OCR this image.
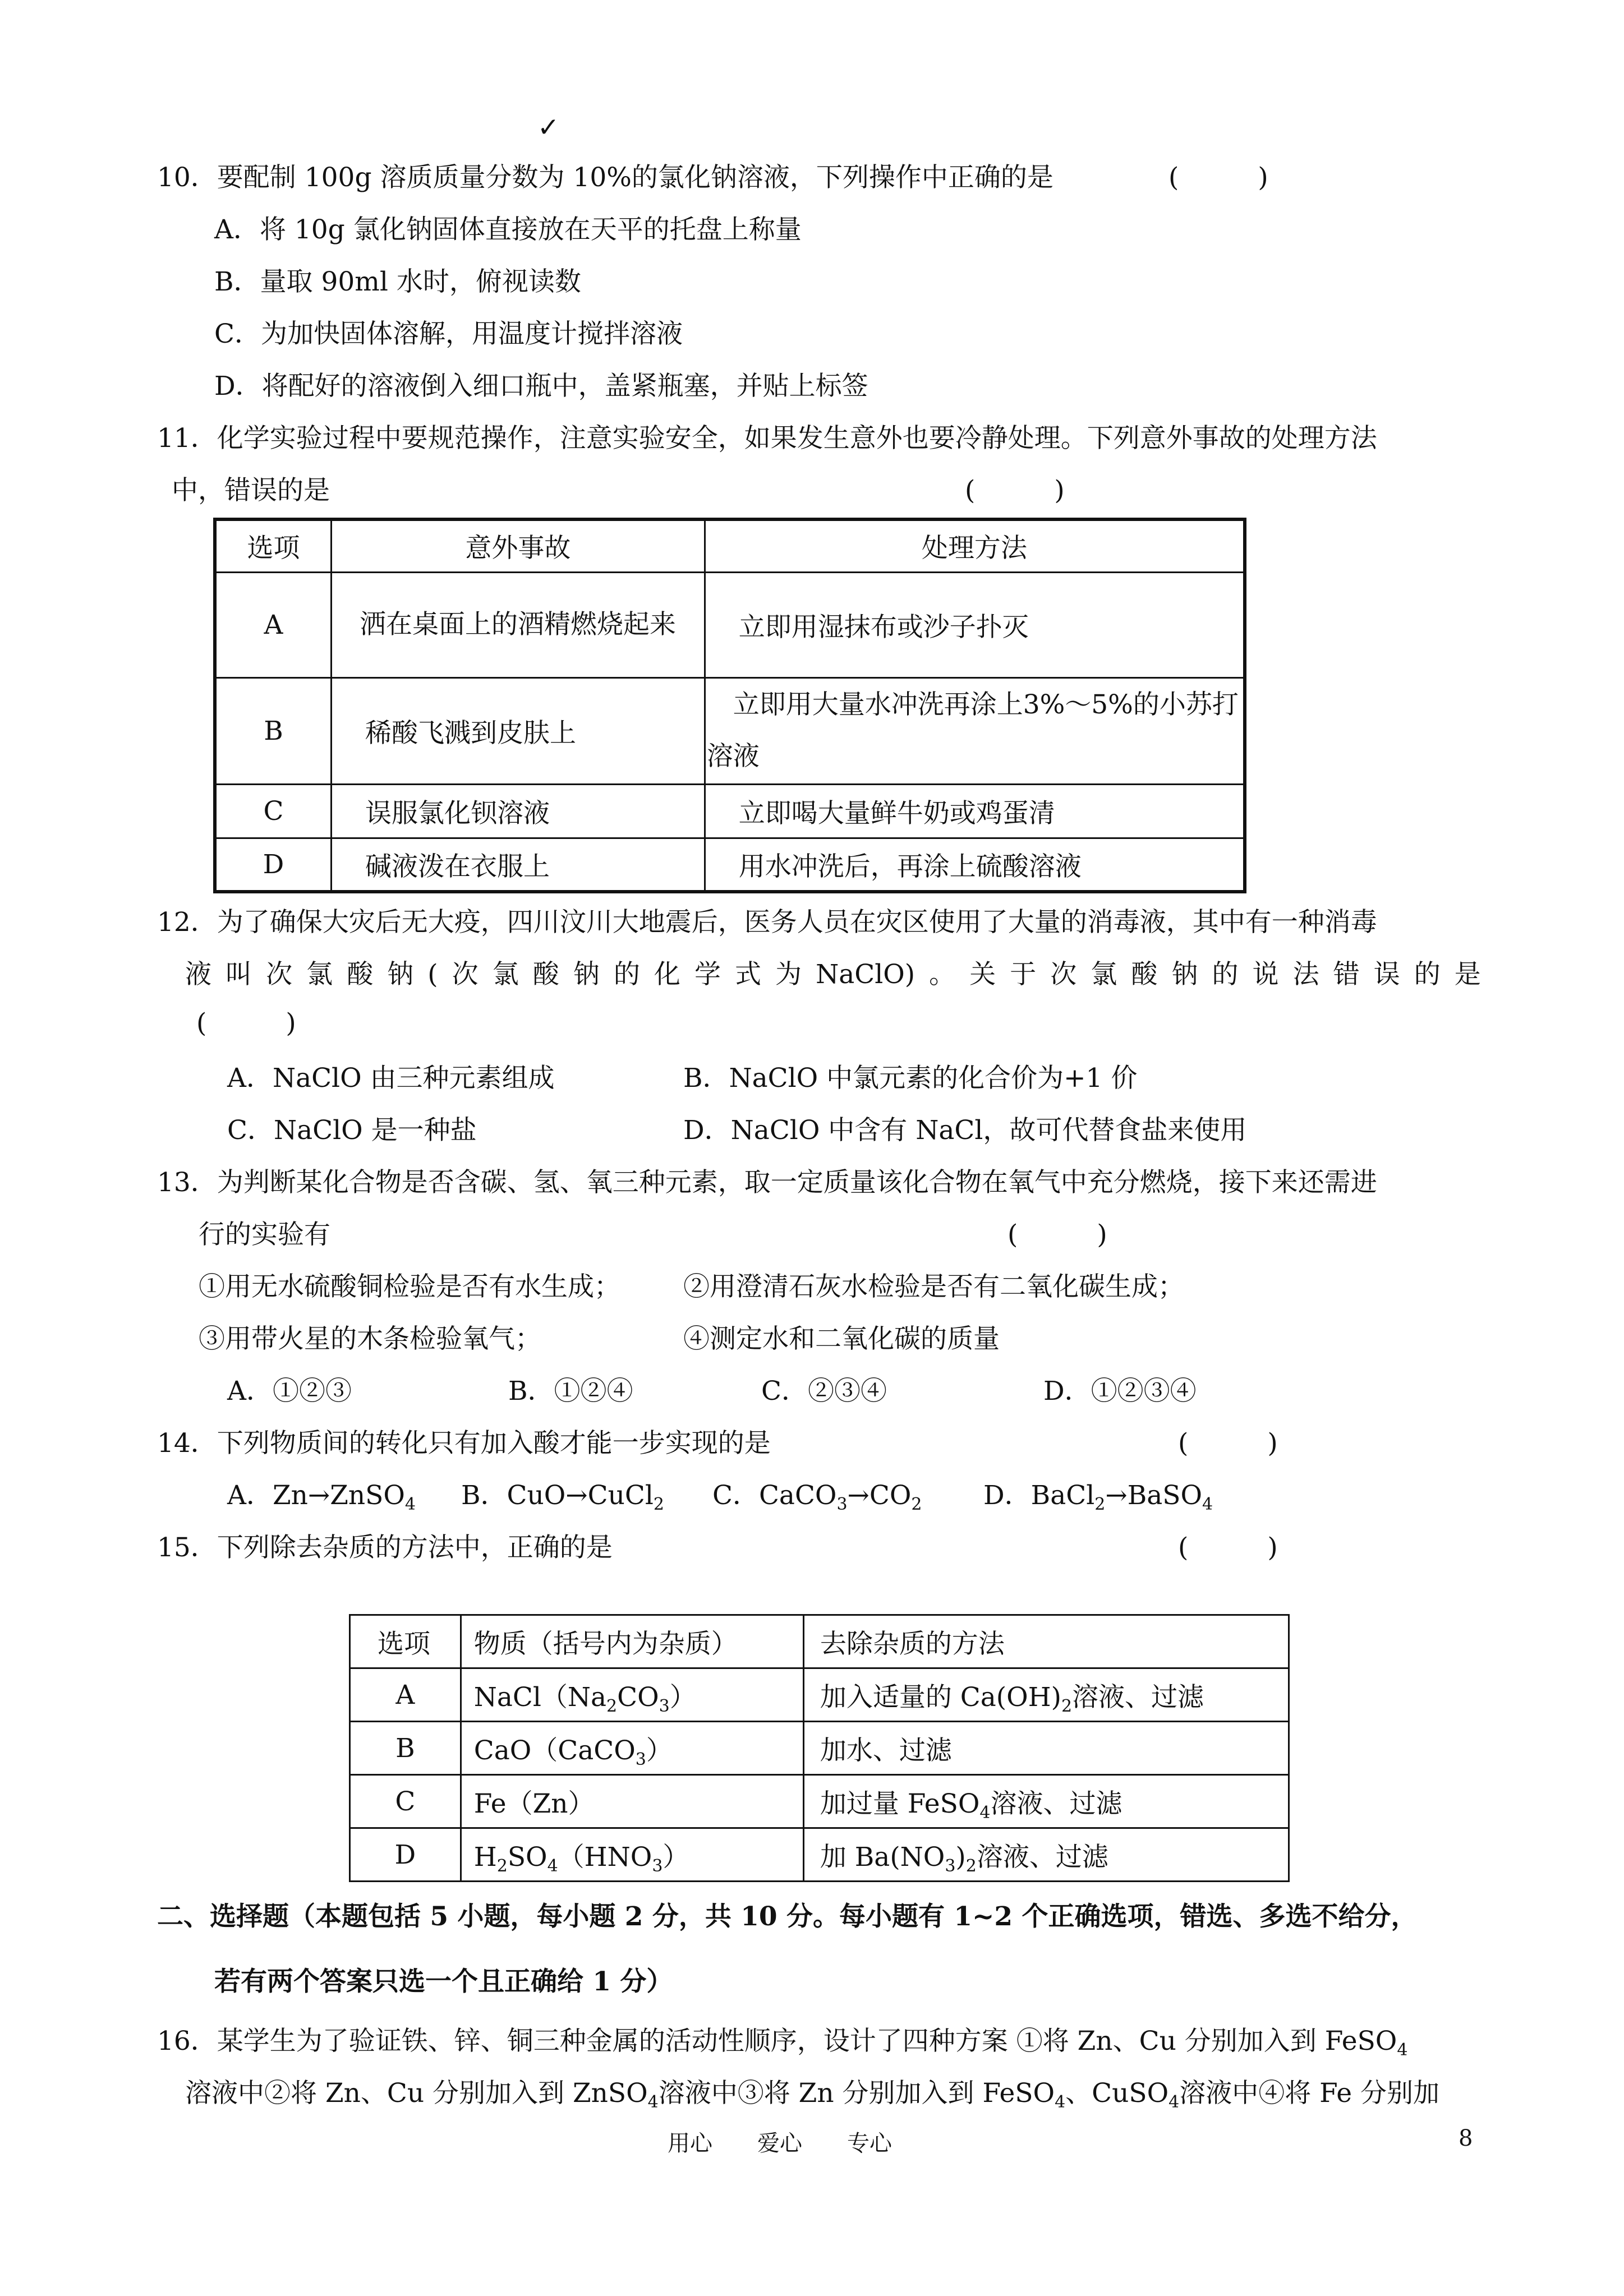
✓
10．要配制 100g 溶质质量分数为 10%的氯化钠溶液，下列操作中正确的是	(　　　)
A．将 10g 氯化钠固体直接放在天平的托盘上称量
B．量取 90ml 水时，俯视读数
C．为加快固体溶解，用温度计搅拌溶液
D．将配好的溶液倒入细口瓶中，盖紧瓶塞，并贴上标签
11．化学实验过程中要规范操作，注意实验安全，如果发生意外也要冷静处理。下列意外事故的处理方法
中，错误的是	(　　　)
选项	意外事故	处理方法
A	　洒在桌面上的酒精燃烧起来	　立即用湿抹布或沙子扑灭
B	　稀酸飞溅到皮肤上	　立即用大量水冲洗再涂上3%～5%的小苏打溶液
C	　误服氯化钡溶液	　立即喝大量鲜牛奶或鸡蛋清
D	　碱液泼在衣服上	　用水冲洗后，再涂上硫酸溶液
12．为了确保大灾后无大疫，四川汶川大地震后，医务人员在灾区使用了大量的消毒液，其中有一种消毒
液 叫 次 氯 酸 钠 ( 次 氯 酸 钠 的 化 学 式 为 NaClO) 。 关 于 次 氯 酸 钠 的 说 法 错 误 的 是
(　　　)
A．NaClO 由三种元素组成	B．NaClO 中氯元素的化合价为+1 价
C．NaClO 是一种盐	D．NaClO 中含有 NaCl，故可代替食盐来使用
13．为判断某化合物是否含碳、氢、氧三种元素，取一定质量该化合物在氧气中充分燃烧，接下来还需进
行的实验有	(　　　)
①用无水硫酸铜检验是否有水生成； ②用澄清石灰水检验是否有二氧化碳生成；
③用带火星的木条检验氧气；	④测定水和二氧化碳的质量
A．①②③	B．①②④	C．②③④	D．①②③④
14．下列物质间的转化只有加入酸才能一步实现的是	(　　　)
A．Zn→ZnSO$_4$ B．CuO→CuCl$_2$ C．$CaCO_3\to CO_2$ D．BaCl$_2$→BaSO$_4$
15．下列除去杂质的方法中，正确的是	(　　　)
选项	物质（括号内为杂质）	去除杂质的方法
A	$NaCl(Na_2CO_3)$	加入适量的 $Ca(OH)_2$溶液、过滤
B	CaO（CaCO$_3$）	加水、过滤
C	Fe（Zn）	加过量 FeSO$_4$溶液、过滤
D	$H_2SO_4(HNO_3)$	加 $Ba(NO_3)_2$溶液、过滤
二、选择题（本题包括 5 小题，每小题 2 分，共 10 分。每小题有 1~2 个正确选项，错选、多选不给分，
若有两个答案只选一个且正确给 1 分）
16．某学生为了验证铁、锌、铜三种金属的活动性顺序，设计了四种方案 ①将 Zn、Cu 分别加入到 FeSO$_4$
溶液中②将 Zn、Cu 分别加入到 ZnSO$_4$溶液中③将 Zn 分别加入到 FeSO$_4$、CuSO$_4$溶液中④将 Fe 分别加
用心　　爱心　　专心	8
